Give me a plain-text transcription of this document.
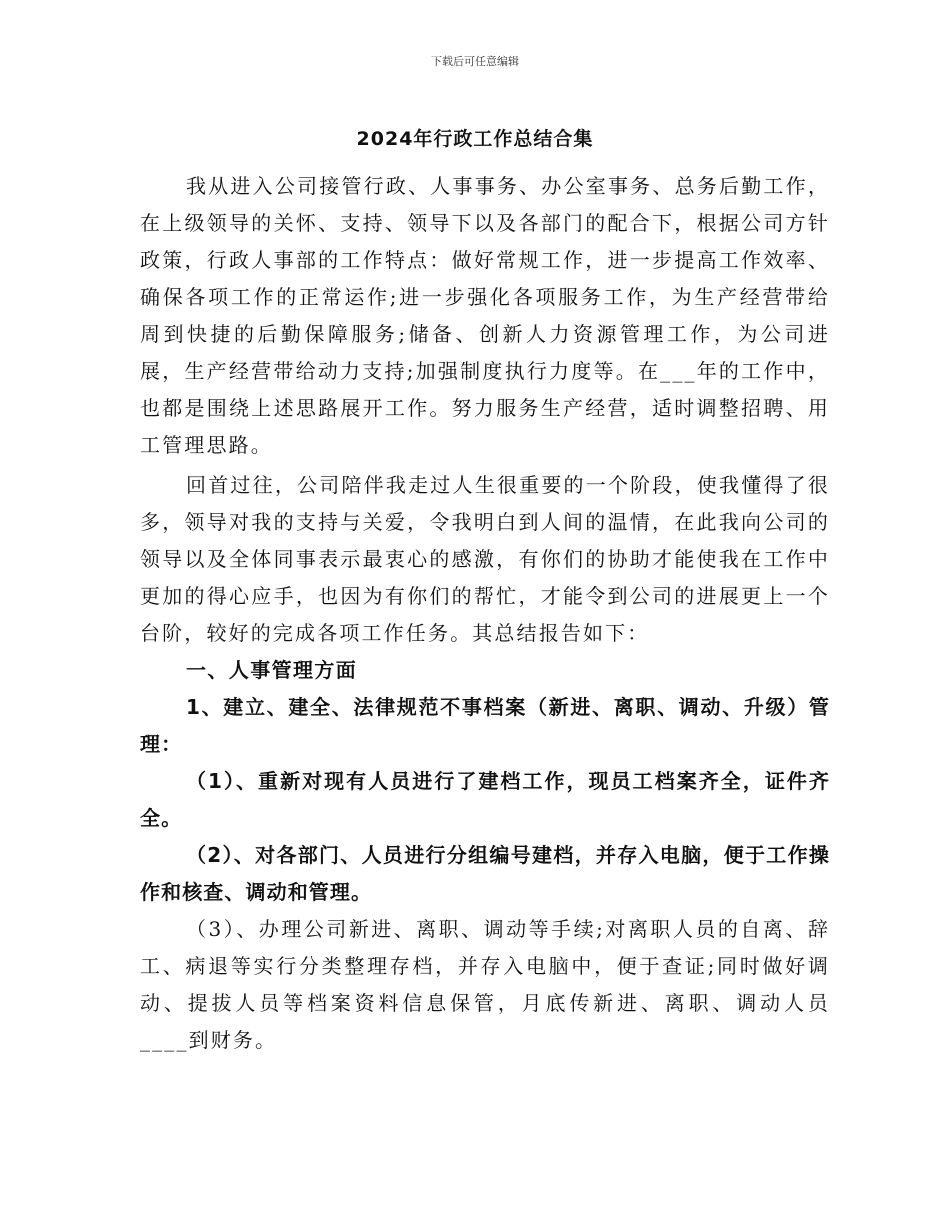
下载后可任意编辑
2024年行政工作总结合集

我从进入公司接管行政、人事事务、办公室事务、总务后勤工作，在上级领导的关怀、支持、领导下以及各部门的配合下，根据公司方针政策，行政人事部的工作特点：做好常规工作，进一步提高工作效率、确保各项工作的正常运作;进一步强化各项服务工作，为生产经营带给周到快捷的后勤保障服务;储备、创新人力资源管理工作，为公司进展，生产经营带给动力支持;加强制度执行力度等。在___年的工作中，也都是围绕上述思路展开工作。努力服务生产经营，适时调整招聘、用工管理思路。

回首过往，公司陪伴我走过人生很重要的一个阶段，使我懂得了很多，领导对我的支持与关爱，令我明白到人间的温情，在此我向公司的领导以及全体同事表示最衷心的感激，有你们的协助才能使我在工作中更加的得心应手，也因为有你们的帮忙，才能令到公司的进展更上一个台阶，较好的完成各项工作任务。其总结报告如下：

一、人事管理方面

1、建立、建全、法律规范不事档案（新进、离职、调动、升级）管理：

（1）、重新对现有人员进行了建档工作，现员工档案齐全，证件齐全。

（2）、对各部门、人员进行分组编号建档，并存入电脑，便于工作操作和核查、调动和管理。

（3）、办理公司新进、离职、调动等手续;对离职人员的自离、辞工、病退等实行分类整理存档，并存入电脑中，便于查证;同时做好调动、提拔人员等档案资料信息保管，月底传新进、离职、调动人员____到财务。
